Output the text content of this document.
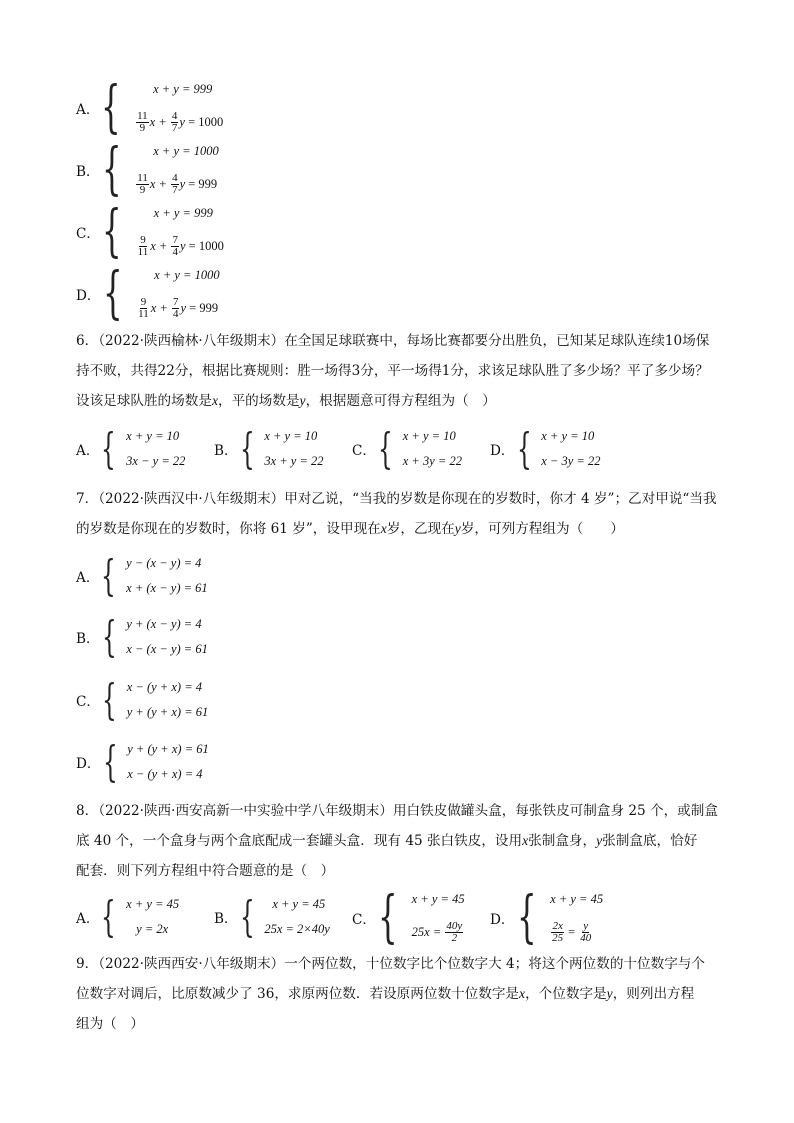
A． {	x + y = 999
$\frac{11}{9}$ $x + \frac{4}{7}$ y = 1000
B． {	x + y = 1000
$\frac{11}{9}$ $x + \frac{4}{7}$ y = 999
C． {	x + y = 999
$\frac{9}{11}$ $x + \frac{7}{4}$ y = 1000
D． {	x + y = 1000
$\frac{9}{11}$ $x + \frac{7}{4}$ y = 999
6．（2022·陕西榆林·八年级期末）在全国足球联赛中，每场比赛都要分出胜负，已知某足球队连续10场保
持不败，共得22分，根据比赛规则：胜一场得3分，平一场得1分，求该足球队胜了多少场？平了多少场？
设该足球队胜的场数是x，平的场数是y，根据题意可得方程组为（　）
A． { x + y = 10
3x − y = 22
B． { x + y = 10
3x + y = 22
C． { x + y = 10
x + 3y = 22
D． { x + y = 10
x − 3y = 22
7．（2022·陕西汉中·八年级期末）甲对乙说，“当我的岁数是你现在的岁数时，你才 4 岁”；乙对甲说“当我
的岁数是你现在的岁数时，你将 61 岁”，设甲现在x岁，乙现在y岁，可列方程组为（　　）
A． { y − (x − y) = 4
x + (x − y) = 61
B． { y + (x − y) = 4
x − (x − y) = 61
C． { x − (y + x) = 4
y + (y + x) = 61
D． { y + (y + x) = 61
x − (y + x) = 4
8．（2022·陕西·西安高新一中实验中学八年级期末）用白铁皮做罐头盒，每张铁皮可制盒身 25 个，或制盒
底 40 个，一个盒身与两个盒底配成一套罐头盒．现有 45 张白铁皮，设用x张制盒身，y张制盒底，恰好
配套．则下列方程组中符合题意的是（　）
A． { x + y = 45
y = 2x
B． { x + y = 45
25x = 2×40y
C． { x + y = 45
25x =
$\frac{40y}{2}$
D． { x + y = 45
$\frac{2x}{25} = \frac{y}{40}$
9．（2022·陕西西安·八年级期末）一个两位数，十位数字比个位数字大 4；将这个两位数的十位数字与个
位数字对调后，比原数减少了 36，求原两位数．若设原两位数十位数字是x，个位数字是y，则列出方程
组为（　）
